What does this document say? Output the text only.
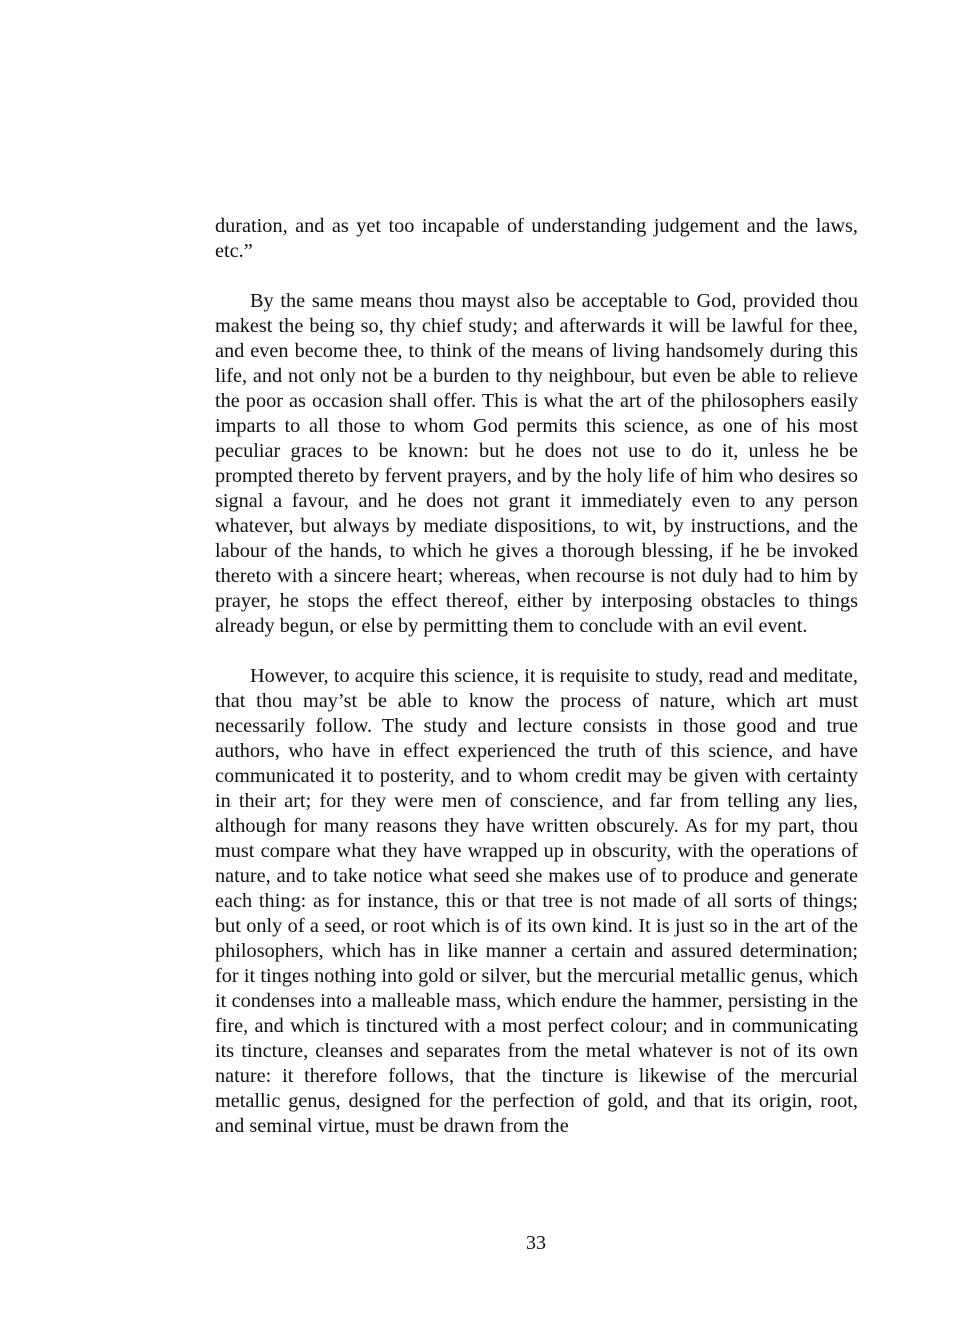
duration, and as yet too incapable of understanding judgement and the laws, etc.”

By the same means thou mayst also be acceptable to God, provided thou makest the being so, thy chief study; and afterwards it will be lawful for thee, and even become thee, to think of the means of living handsomely during this life, and not only not be a burden to thy neighbour, but even be able to relieve the poor as occasion shall offer. This is what the art of the philosophers easily imparts to all those to whom God permits this science, as one of his most peculiar graces to be known: but he does not use to do it, unless he be prompted thereto by fervent prayers, and by the holy life of him who desires so signal a favour, and he does not grant it immediately even to any person whatever, but always by mediate dispositions, to wit, by instructions, and the labour of the hands, to which he gives a thorough blessing, if he be invoked thereto with a sincere heart; whereas, when recourse is not duly had to him by prayer, he stops the effect thereof, either by interposing obstacles to things already begun, or else by permitting them to conclude with an evil event.

However, to acquire this science, it is requisite to study, read and meditate, that thou may’st be able to know the process of nature, which art must necessarily follow. The study and lecture consists in those good and true authors, who have in effect experienced the truth of this science, and have communicated it to posterity, and to whom credit may be given with certainty in their art; for they were men of conscience, and far from telling any lies, although for many reasons they have written obscurely. As for my part, thou must compare what they have wrapped up in obscurity, with the operations of nature, and to take notice what seed she makes use of to produce and generate each thing: as for instance, this or that tree is not made of all sorts of things; but only of a seed, or root which is of its own kind. It is just so in the art of the philosophers, which has in like manner a certain and assured determination; for it tinges nothing into gold or silver, but the mercurial metallic genus, which it condenses into a malleable mass, which endure the hammer, persisting in the fire, and which is tinctured with a most perfect colour; and in communicating its tincture, cleanses and separates from the metal whatever is not of its own nature: it therefore follows, that the tincture is likewise of the mercurial metallic genus, designed for the perfection of gold, and that its origin, root, and seminal virtue, must be drawn from the

33
